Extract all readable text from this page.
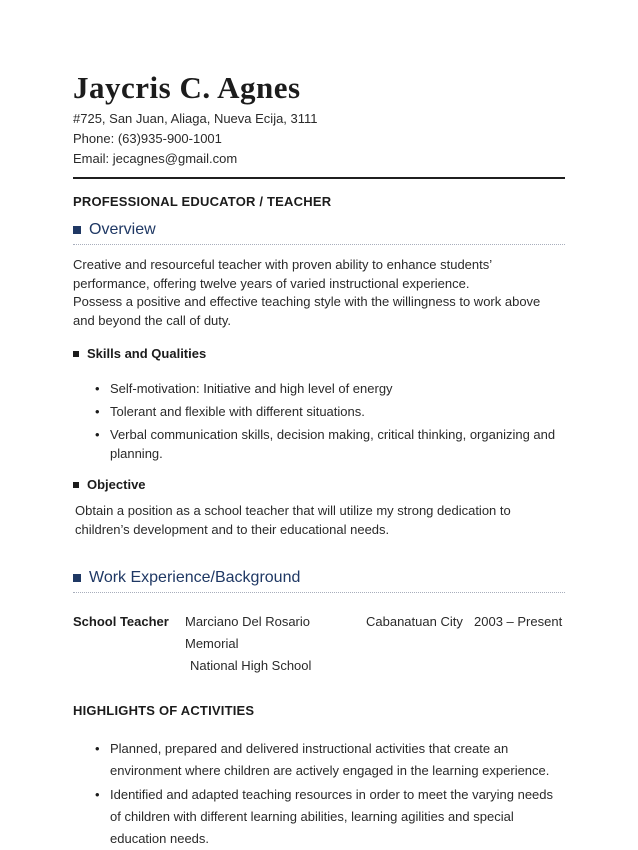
Jaycris C. Agnes
#725, San Juan, Aliaga, Nueva Ecija, 3111
Phone: (63)935-900-1001
Email: jecagnes@gmail.com
PROFESSIONAL EDUCATOR / TEACHER
Overview

Creative and resourceful teacher with proven ability to enhance students’ performance, offering twelve years of varied instructional experience.

Possess a positive and effective teaching style with the willingness to work above and beyond the call of duty.

Skills and Qualities
• Self-motivation: Initiative and high level of energy
• Tolerant and flexible with different situations.
• Verbal communication skills, decision making, critical thinking, organizing and planning.
Objective

Obtain a position as a school teacher that will utilize my strong dedication to children’s development and to their educational needs.

Work Experience/Background
School Teacher	Marciano Del Rosario Memorial
National High School
Cabanatuan City 2003 – Present
HIGHLIGHTS OF ACTIVITIES
• Planned, prepared and delivered instructional activities that create an environment where children are actively engaged in the learning experience.
• Identified and adapted teaching resources in order to meet the varying needs of children with different learning abilities, learning agilities and special education needs.
